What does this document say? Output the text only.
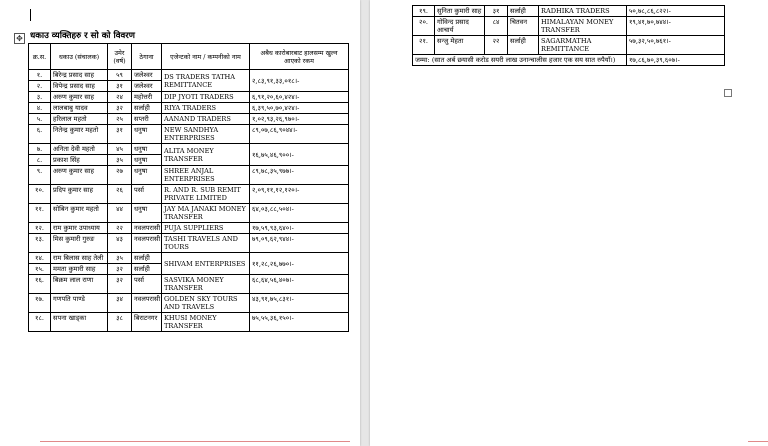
✥ धकाउ व्यक्तिहरु र सो को विवरण
क्र.स.	धकाउ (संचालक)	उमेर (वर्ष)	ठेगाना	एजेन्टको नाम / कम्पनीको नाम	अबैध कारोबारबाट हालसम्म खुल्न आएको रकम
१.	बिरेन्द्र प्रसाद साह	५९	जलेश्वर	DS TRADERS TATHA REMITTANCE	२,८३,९१,३३,०१८।-
२.	विपेन्द्र प्रसाद साह	३१	जलेश्वर		
३.	अरुण कुमार साह	२४	महोत्तरी	DIP JYOTI TRADERS	६,९१,२०,६०,४२४।-
४.	लालबाबु यादव	३२	सर्लाही	RIYA TRADERS	६,३९,५०,७०,४२४।-
५.	हरिलाल महतो	२५	सप्तरी	AANAND TRADERS	१,०२,९३,२६,९७०।-
६.	नितेन्द्र कुमार महतो	३१	धनुषा	NEW SANDHYA ENTERPRISES	८९,०७,८६,९०४४।-
७.	अनिता देवी महतो	४५	धनुषा	ALITA MONEY TRANSFER	१६,७५,४६,९००।-
८.	प्रकाश सिंह	३५	धनुषा		
९.	अरुण कुमार साह	२७	धनुषा	SHREE ANJAL ENTERPRISES	८९,७८,३५,९७७।-
१०.	प्रदिप कुमार साह	२६	पर्सा	R. AND R. SUB REMIT PRIVATE LIMITED	२,०९,११,१२,१२०।-
११.	सोबिन कुमार महतो	४४	धनुषा	JAY MA JANAKI MONEY TRANSFER	६४,०३,८८,५०४।-
१२.	राम कुमार उपाध्याय	२२	नवलपरासी	PUJA SUPPLIERS	१७,५९,९३,६४०।-
१३.	मिस कुमारी गुरुङ	४३	नवलपरासी	TASHI TRAVELS AND TOURS	७९,०९,६२,९४४।-
१४.	राम बिलास साह तेली	३५	सर्लाही	SHIVAM ENTERPRISES	११,२८,२६,७७०।-
१५.	ममता कुमारी साह	३२	सर्लाही		
१६.	बिक्रम लाल राणा	३२	पर्सा	SASVIKA MONEY TRANSFER	६८,६४,५६,४०७।-
१७.	गणपति पाण्डे	३४	नवलपरासी	GOLDEN SKY TOURS AND TRAVELS	४३,९१,७५,८३१।-
१८.	सपना खाड्का	३८	बिराटनगर	KHUSI MONEY TRANSFER	७५,५५,३६,१५०।-
१९.	सुनिता कुमारी साह	३१	सर्लाही	RADHIKA TRADERS	५०,७८,८६,८२२।-
२०.	गोविन्द प्रसाद आचार्य	८४	चितवन	HIMALAYAN MONEY TRANSFER	१९,४१,७०,७४४।-
२१.	सन्जु मेहता	२२	सर्लाही	SAGARMATHA REMITTANCE	५७,३२,५०,७६१।-
जम्मा: (सात अर्ब छयासी करोड सयरी लाख उनान्चालीस हजार एक सय सात रुपैयाँ।)					१७,८६,७०,३९,६०७।-
